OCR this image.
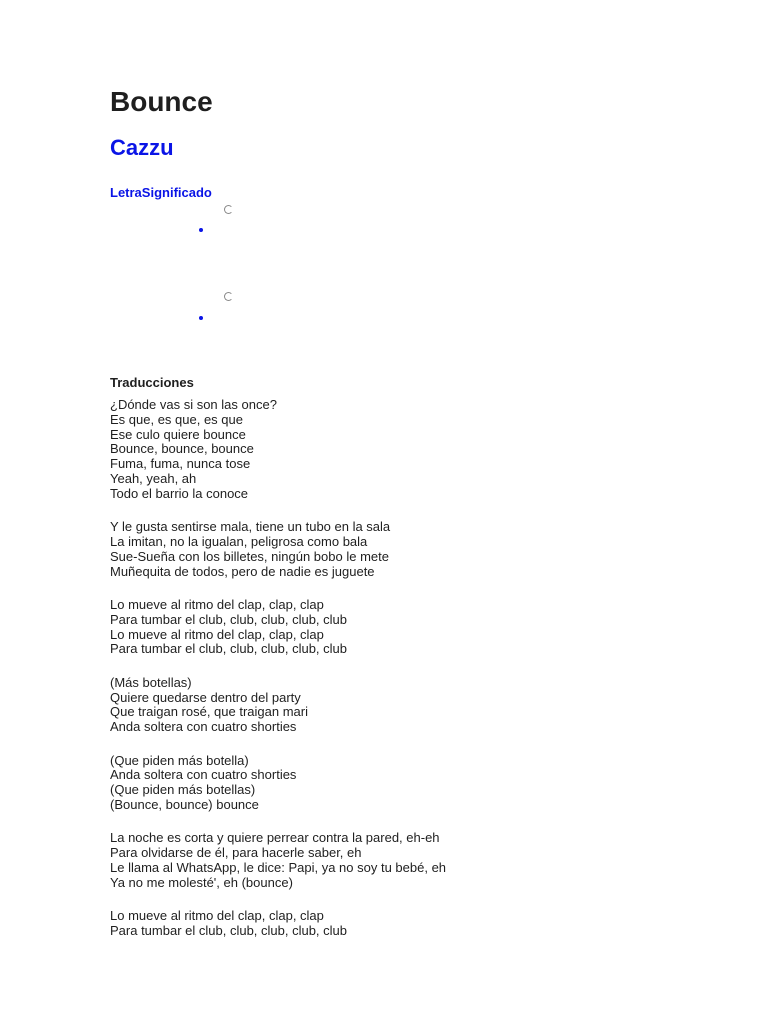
Bounce
Cazzu
LetraSignificado
Traducciones
¿Dónde vas si son las once?
Es que, es que, es que
Ese culo quiere bounce
Bounce, bounce, bounce
Fuma, fuma, nunca tose
Yeah, yeah, ah
Todo el barrio la conoce
Y le gusta sentirse mala, tiene un tubo en la sala
La imitan, no la igualan, peligrosa como bala
Sue-Sueña con los billetes, ningún bobo le mete
Muñequita de todos, pero de nadie es juguete
Lo mueve al ritmo del clap, clap, clap
Para tumbar el club, club, club, club, club
Lo mueve al ritmo del clap, clap, clap
Para tumbar el club, club, club, club, club
(Más botellas)
Quiere quedarse dentro del party
Que traigan rosé, que traigan mari
Anda soltera con cuatro shorties
(Que piden más botella)
Anda soltera con cuatro shorties
(Que piden más botellas)
(Bounce, bounce) bounce
La noche es corta y quiere perrear contra la pared, eh-eh
Para olvidarse de él, para hacerle saber, eh
Le llama al WhatsApp, le dice: Papi, ya no soy tu bebé, eh
Ya no me molesté', eh (bounce)
Lo mueve al ritmo del clap, clap, clap
Para tumbar el club, club, club, club, club
